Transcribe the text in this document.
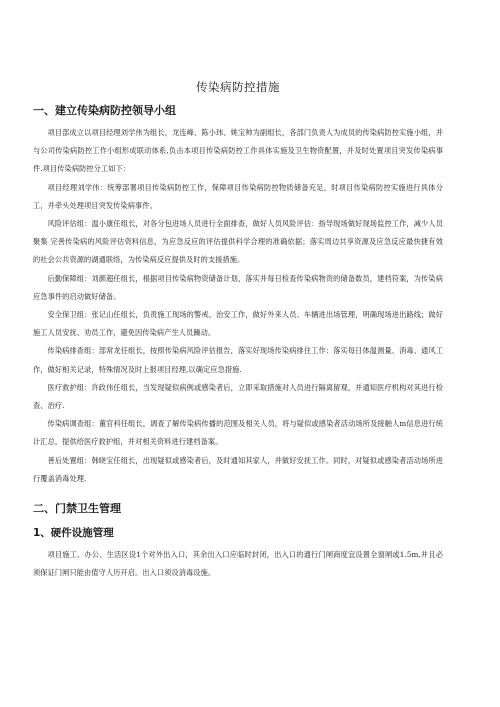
传染病防控措施
一、建立传染病防控领导小组

项目部成立以项目经理刘学伟为组长，龙连峰、陈小玮、姚宝帅为副组长，各部门负责人为成员的传染病防控实施小组，并与公司传染病防控工作小组形成联动体系,负击本项目传染病防控工作具体实施及卫生物资配置，并及时处置项目突发传染病事件.项目传染病防控分工如下：

项目经理刘学伟：统筹部署项目传染病防控工作，保障项目传染病防控物质储备充足，时项目传染病防控实施进行具体分工，并牵头处理项目突发传染病事件。

风险评估组：温小康任组长，对各分包进场人员进行全面排查，做好人员风险评估：指导现场做好现场监控工作，减少人员聚集 完善传染病的风险评估资料信息，为应急反应的评估提供科学合理的准确依据；落实周边共享资源及应急反应最快捷有效的社会公共资源的湖通联络，为传染病反应提供及时的支援措施。

后勤保障组：刘颜超任组长，根据项目传染病物资储备计划，落实并每日检查传染病物资的储备数员，建档符案，为传染病应急事件的启动做好储备。

安全保卫组：张记山任组长，负责施工现场的警戒、治安工作，做好外来人员、车辆进出场管理，明确现场进出路线；做好施工人员安抚、劝员工作，避免因传染病产生人员躁动。

传染病排查组：部常龙任组长，按照传染病风险评估报告，落实好现场传染病排住工作：落实每日体温测量、消毒、通风工作，做好相关记录，特殊情况及时上报项目经理,以确定应急措施.

医疗救护组：许政伟任组长，当发现疑似病例或感染者后，立即采取措施对人员进行隔离留观，并通知医疗机构对其进行检查、治疗.

传染病调查组：董官科任组长，调查了解传染病传播的范围及相关人员，将与疑似或感染者活动场所及接触人m信息进行统计汇总，提供给医疗救护组，并对相关资料进行建档备案。

善后处置组：韩晓宝任组长，出现疑似或感染者后，及时通知其家人，并做好安抚工作。同时，对疑似或感染者活动场所进行覆盖消毒处理.

二、门禁卫生管理
1、硬件设施管理

项目施工、办公、生活区设1个对外出入口，其余出入口应临时封闭，出入口的通行门闸商度宜设置全窗闸或1.5m,并且必须保证门闸只能由值守人历开启。出入口须设消毒设施。
